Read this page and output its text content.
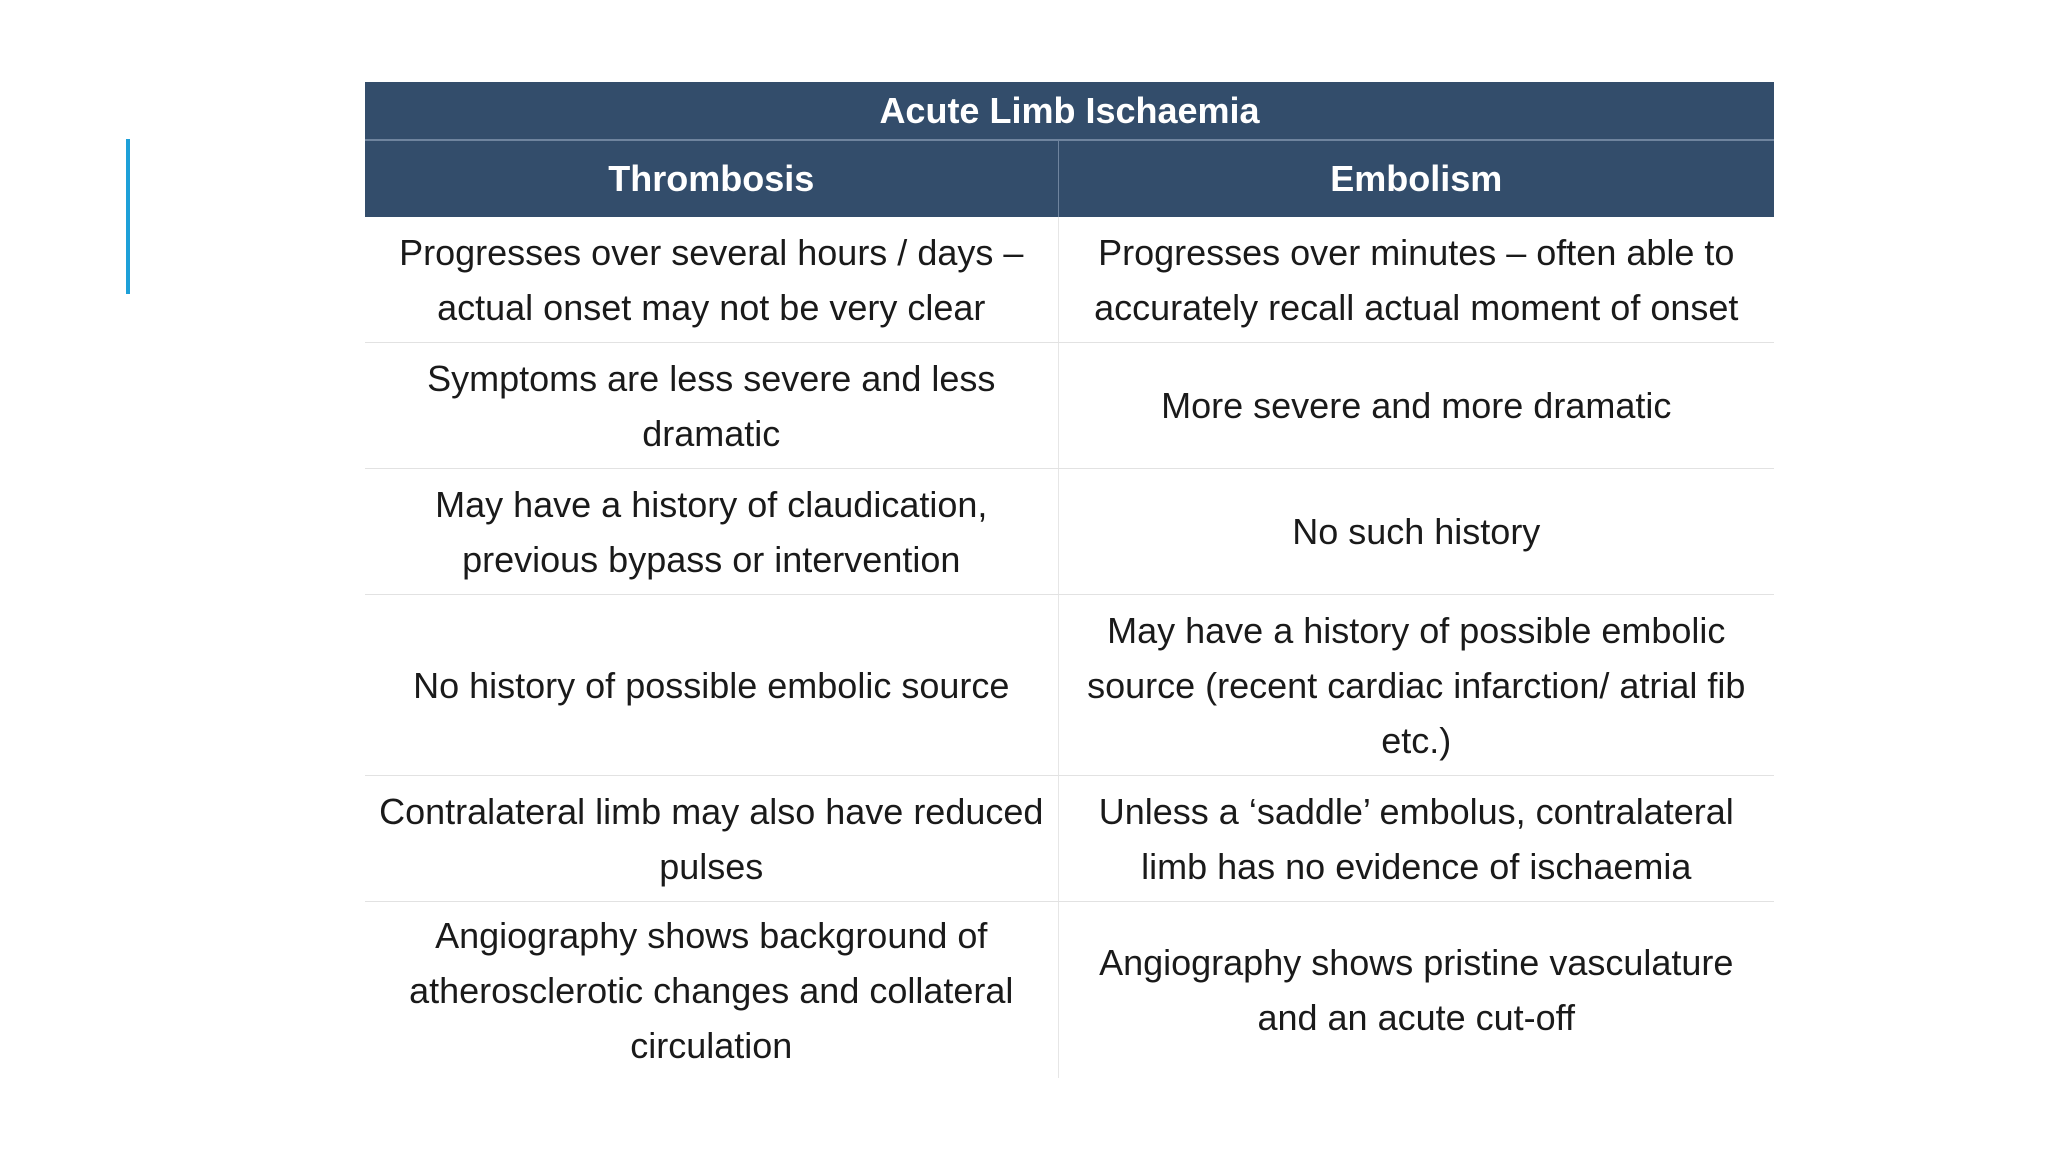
Acute Limb Ischaemia	
Thrombosis	Embolism
Progresses over several hours / days – actual onset may not be very clear	Progresses over minutes – often able to accurately recall actual moment of onset
Symptoms are less severe and less dramatic	More severe and more dramatic
May have a history of claudication, previous bypass or intervention	No such history
No history of possible embolic source	May have a history of possible embolic source (recent cardiac infarction/ atrial fib etc.)
Contralateral limb may also have reduced pulses	Unless a ‘saddle’ embolus, contralateral limb has no evidence of ischaemia
Angiography shows background of atherosclerotic changes and collateral circulation	Angiography shows pristine vasculature and an acute cut-off
